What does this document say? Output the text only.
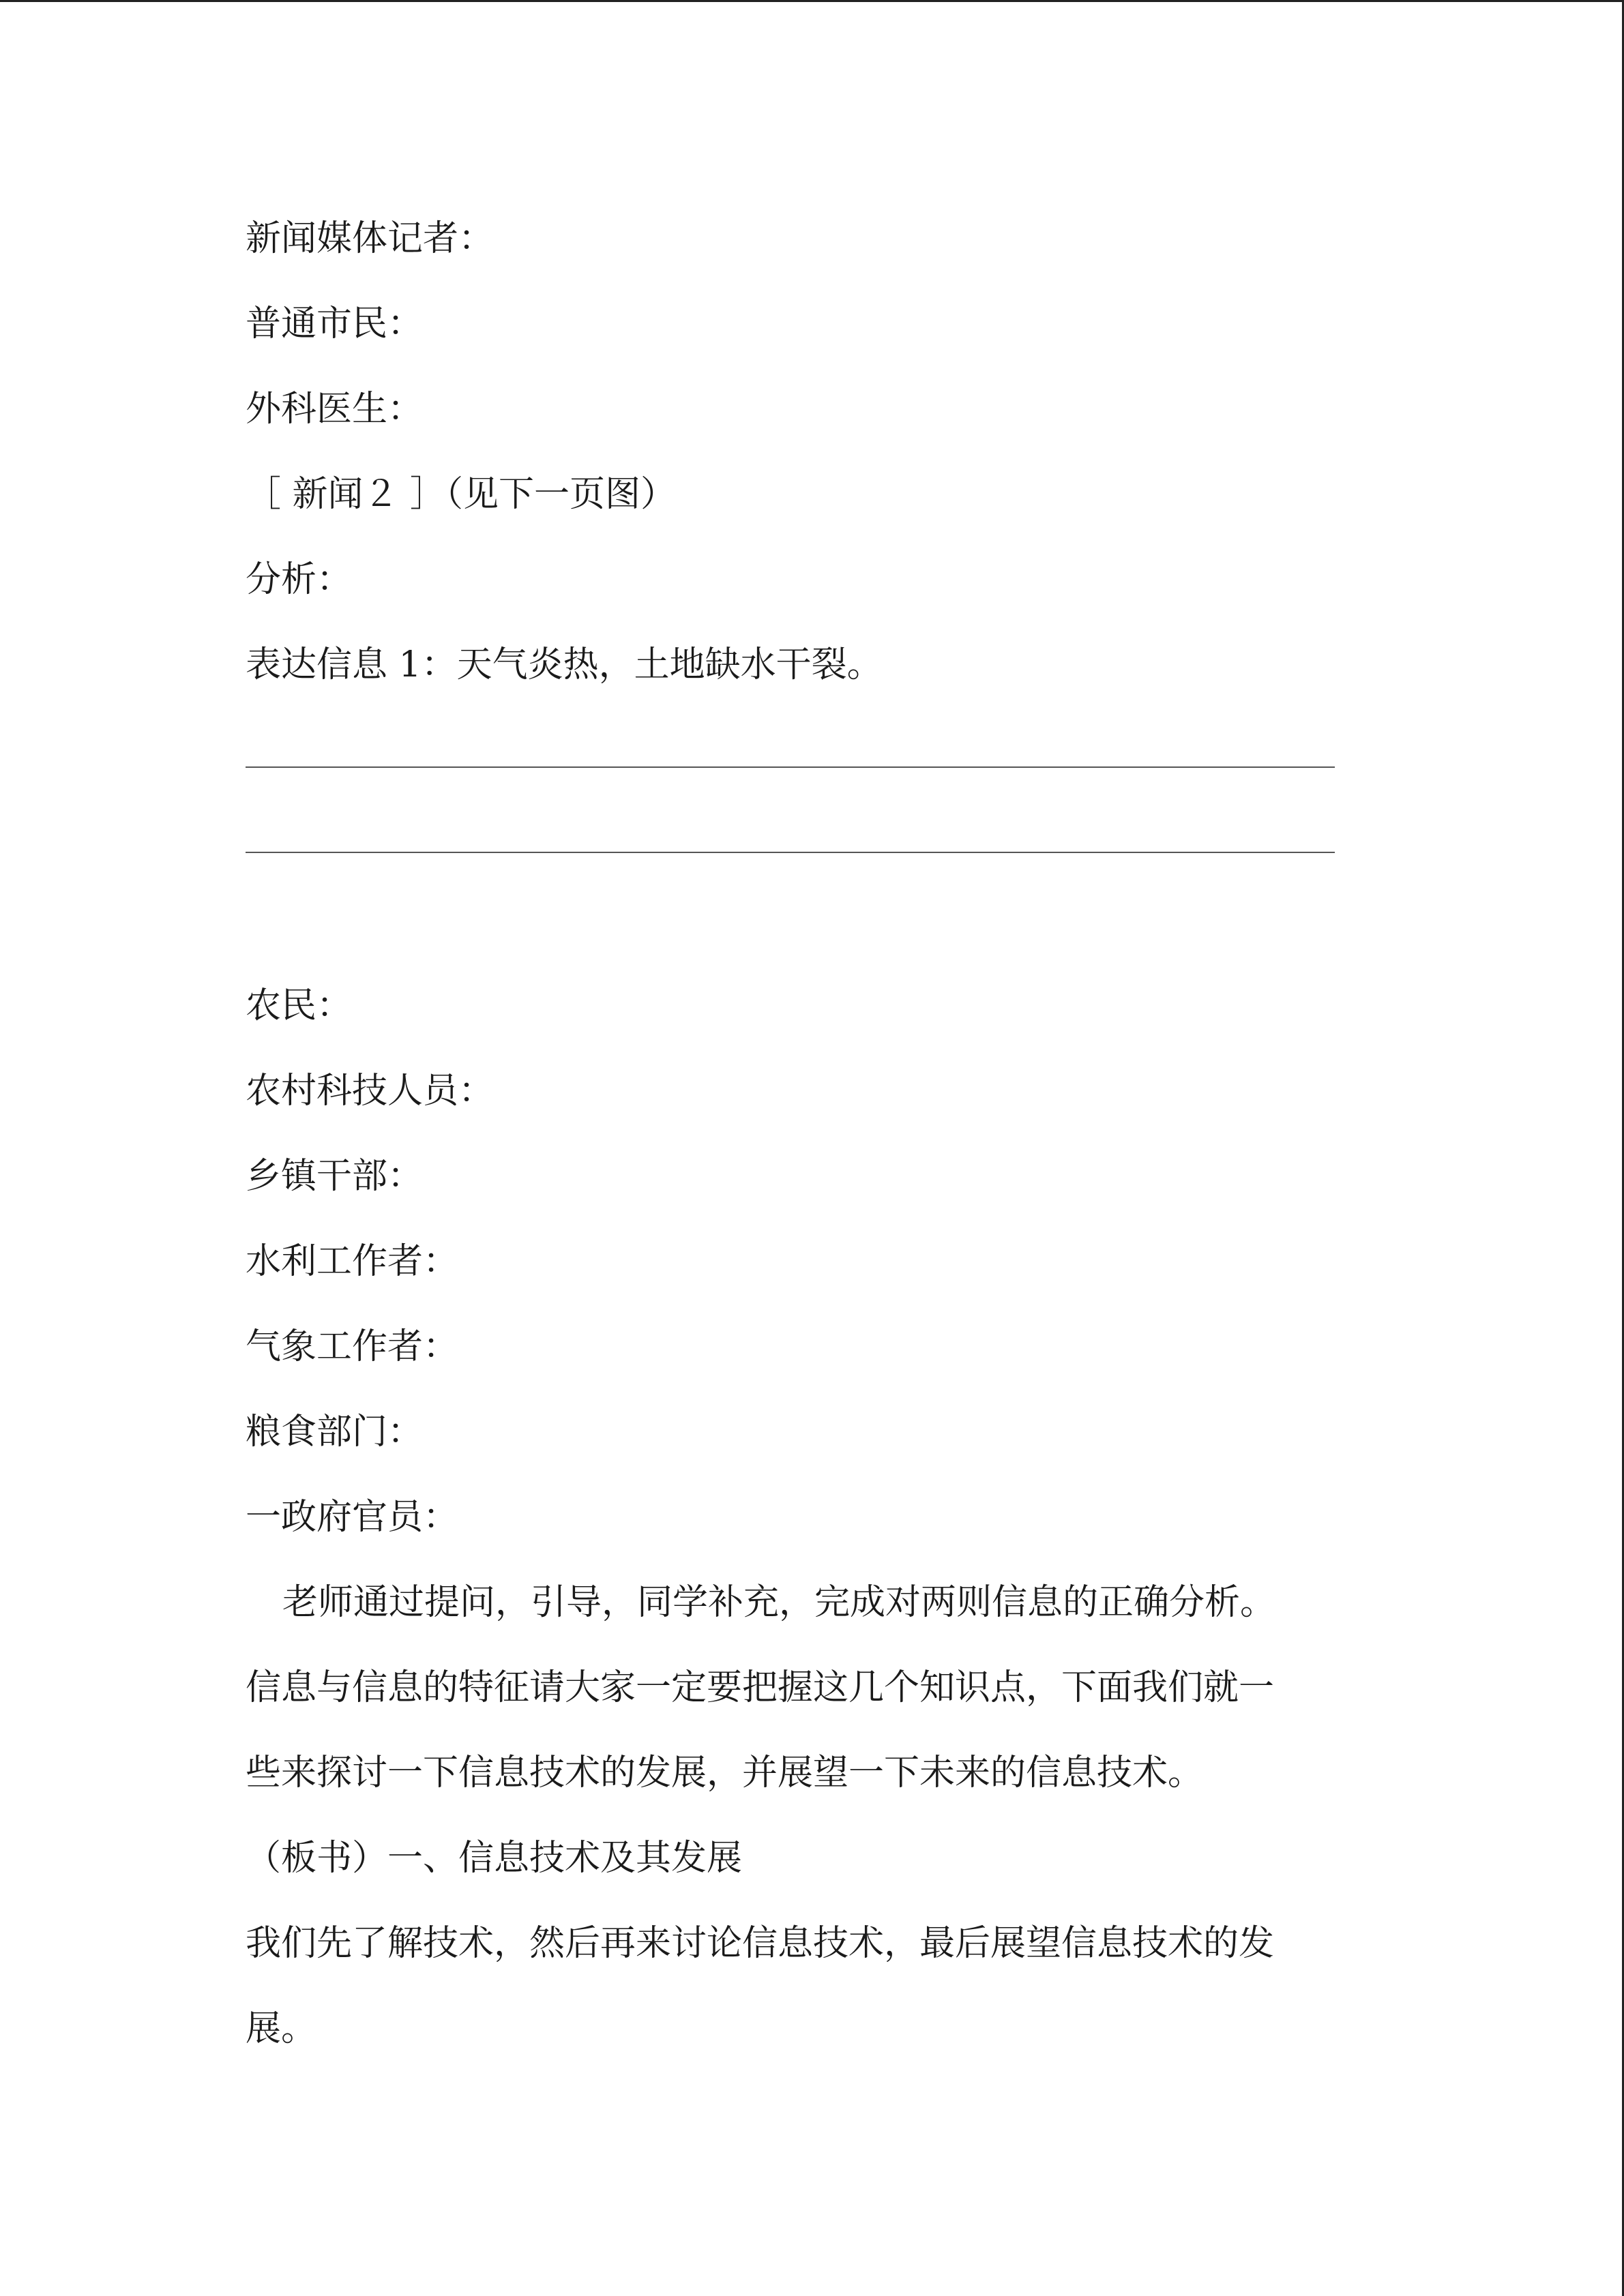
新闻媒体记者：
普通市民：
外科医生：
［ 新闻２ ］（见下一页图）
分析：
表达信息 1：天气炎热，土地缺水干裂。
农民：
农村科技人员：
乡镇干部：
水利工作者：
气象工作者：
粮食部门：
一政府官员：
老师通过提问，引导，同学补充，完成对两则信息的正确分析。
信息与信息的特征请大家一定要把握这几个知识点，下面我们就一
些来探讨一下信息技术的发展，并展望一下未来的信息技术。
（板书）一、信息技术及其发展
我们先了解技术，然后再来讨论信息技术，最后展望信息技术的发
展。
